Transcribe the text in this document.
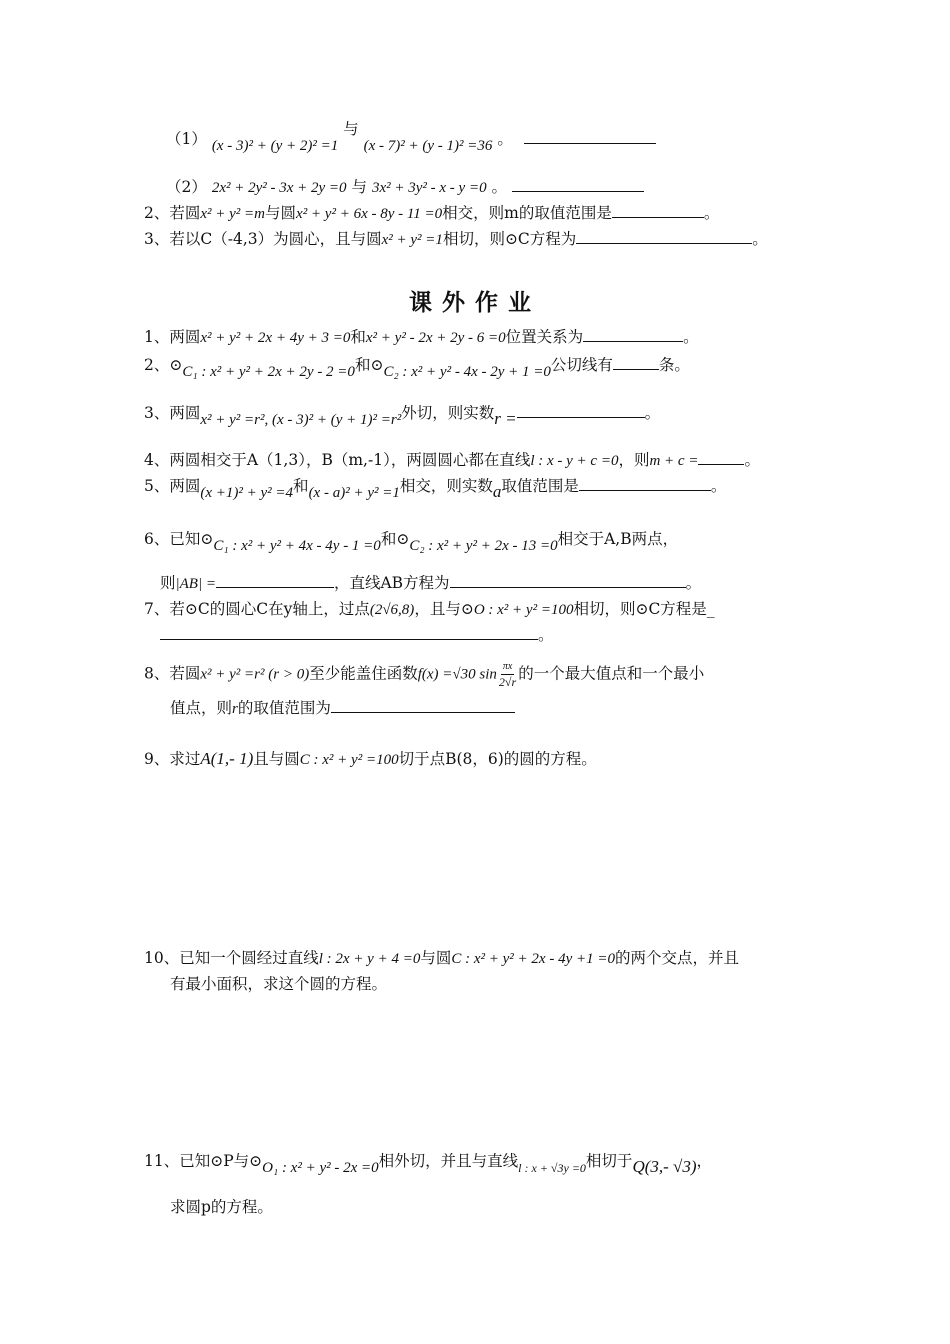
（1） (x - 3)² + (y + 2)² =1 与 (x - 7)² + (y - 1)² =36 。
（2） 2x² + 2y² - 3x + 2y =0 与 3x² + 3y² - x - y =0 。
2、若圆x² + y² =m与圆x² + y² + 6x - 8y - 11 =0相交，则m的取值范围是	。
3、若以C（-4,3）为圆心，且与圆x² + y² =1相切，则⊙C方程为	。
课外作业
1、两圆x² + y² + 2x + 4y + 3 =0和x² + y² - 2x + 2y - 6 =0位置关系为	。
2、⊙C₁ : x² + y² + 2x + 2y - 2 =0和⊙C₂ : x² + y² - 4x - 2y + 1 =0公切线有	条。
3、两圆x² + y² =r², (x - 3)² + (y + 1)² =r²外切，则实数r =	。
4、两圆相交于A（1,3），B（m,-1），两圆圆心都在直线l : x - y + c =0，则m + c =	。
5、两圆(x +1)² + y² =4和(x - a)² + y² =1相交，则实数a取值范围是	。
6、已知⊙C₁ : x² + y² + 4x - 4y - 1 =0和⊙C₂ : x² + y² + 2x - 13 =0相交于A,B两点，
则|AB| =	，直线AB方程为	。
7、若⊙C的圆心C在y轴上，过点(2√6,8)，且与⊙O : x² + y² =100相切，则⊙C方程是_
。
8、若圆x² + y² =r² (r > 0)至少能盖住函数f(x) =√30 $\sin \frac{\pi x}{2√r}$ 的一个最大值点和一个最小
值点，则r的取值范围为
9、求过A(1,- 1)且与圆C : x² + y² =100切于点B(8，6)的圆的方程。
10、已知一个圆经过直线l : 2x + y + 4 =0与圆C : x² + y² + 2x - 4y +1 =0的两个交点，并且
有最小面积，求这个圆的方程。
11、已知⊙P与⊙O₁ : x² + y² - 2x =0相外切，并且与直线$_{l : x + √3y =0}$相切于Q(3,- √3)，
求圆p的方程。
